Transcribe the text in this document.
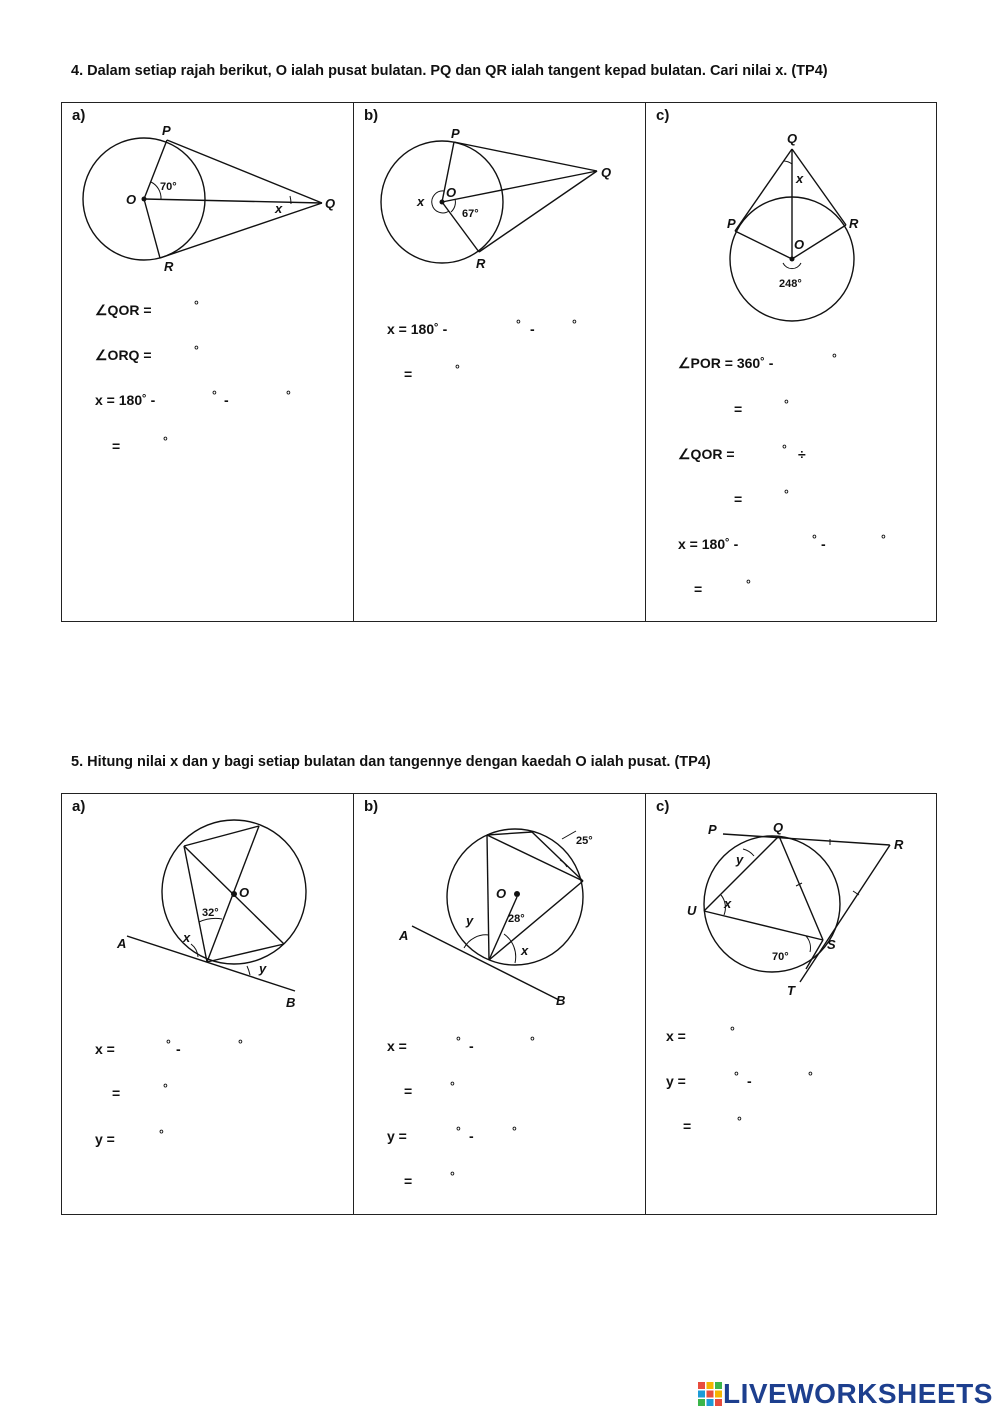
4. Dalam setiap rajah berikut, O ialah pusat bulatan. PQ dan QR ialah tangent kepad bulatan. Cari nilai x. (TP4)
a)
P
O	Q
R
x
70°
∠QOR =	°
∠ORQ =	°
x = 180˚ -	° -	°
=	°
b)
P
O
Q
R
x
67°
x = 180˚ -	° -	°
=	°
c)
Q
P	R
O
x
248°
∠POR = 360˚ -	°
=	°
∠QOR =	° ÷
=	°
x = 180˚ -	° -	°
=	°
5. Hitung nilai x dan y bagi setiap bulatan dan tangennye dengan kaedah O ialah pusat. (TP4)
a)
O
A
B
x
y
32°
x =	° -	°
=	°
y =	°
b)
O
A
B
y
x
28°
25°
x =	° -	°
=	°
y =	° -	°
=	°
c)
P	Q
R
U
S
T
x
y
70°
x =	°
y =	° -	°
=	°
LIVEWORKSHEETS
